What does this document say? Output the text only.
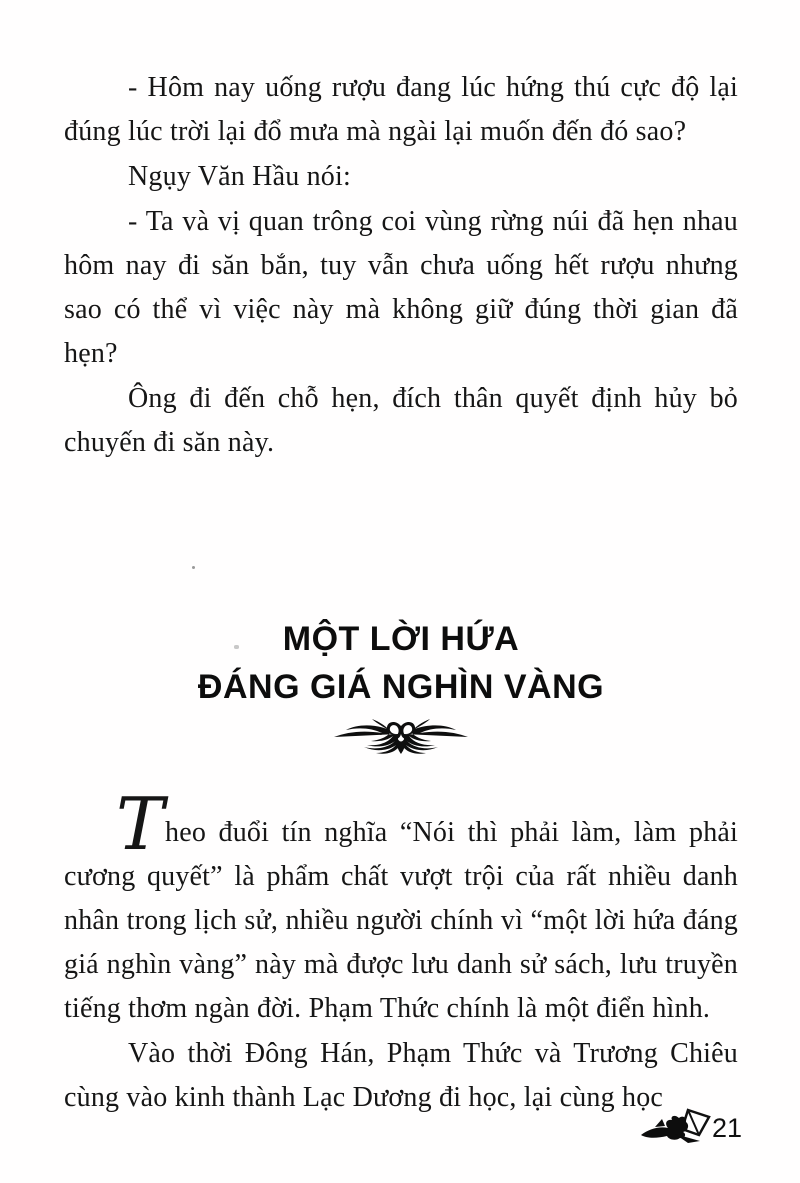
- Hôm nay uống rượu đang lúc hứng thú cực độ lại đúng lúc trời lại đổ mưa mà ngài lại muốn đến đó sao?

Ngụy Văn Hầu nói:

- Ta và vị quan trông coi vùng rừng núi đã hẹn nhau hôm nay đi săn bắn, tuy vẫn chưa uống hết rượu nhưng sao có thể vì việc này mà không giữ đúng thời gian đã hẹn?

Ông đi đến chỗ hẹn, đích thân quyết định hủy bỏ chuyến đi săn này.

MỘT LỜI HỨA
ĐÁNG GIÁ NGHÌN VÀNG

Theo đuổi tín nghĩa “Nói thì phải làm, làm phải cương quyết” là phẩm chất vượt trội của rất nhiều danh nhân trong lịch sử, nhiều người chính vì “một lời hứa đáng giá nghìn vàng” này mà được lưu danh sử sách, lưu truyền tiếng thơm ngàn đời. Phạm Thức chính là một điển hình.

Vào thời Đông Hán, Phạm Thức và Trương Chiêu cùng vào kinh thành Lạc Dương đi học, lại cùng học

21
